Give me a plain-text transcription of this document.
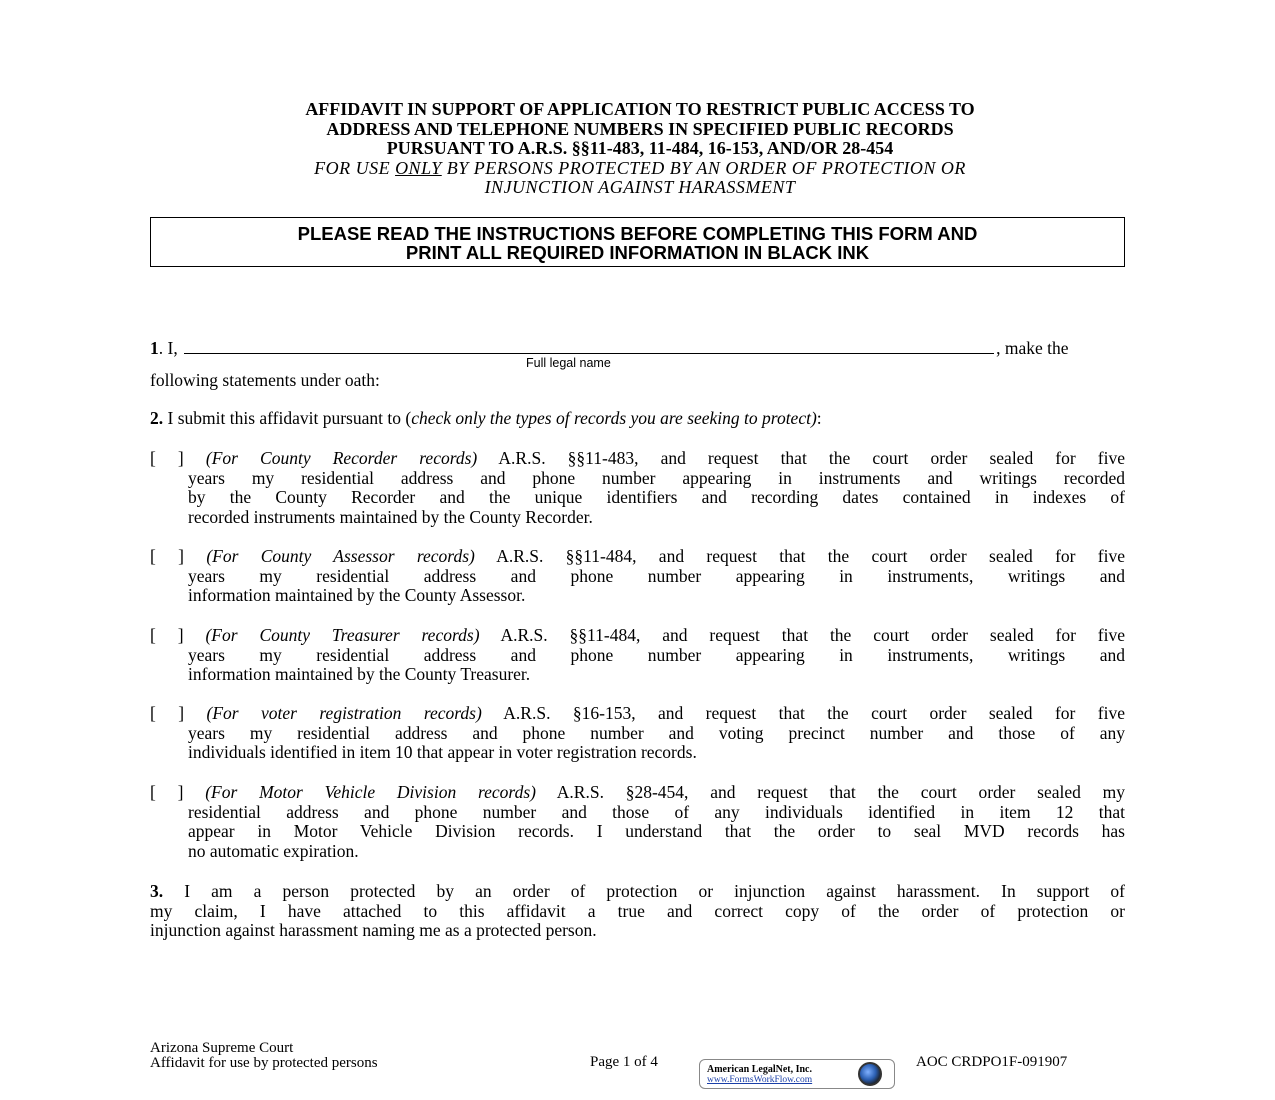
AFFIDAVIT IN SUPPORT OF APPLICATION TO RESTRICT PUBLIC ACCESS TO
ADDRESS AND TELEPHONE NUMBERS IN SPECIFIED PUBLIC RECORDS
PURSUANT TO A.R.S. §§11-483, 11-484, 16-153, AND/OR 28-454
FOR USE ONLY BY PERSONS PROTECTED BY AN ORDER OF PROTECTION OR
INJUNCTION AGAINST HARASSMENT
PLEASE READ THE INSTRUCTIONS BEFORE COMPLETING THIS FORM AND
PRINT ALL REQUIRED INFORMATION IN BLACK INK
1. I,	, make the
Full legal name
following statements under oath:
2. I submit this affidavit pursuant to (check only the types of records you are seeking to protect):
[ ] (For County Recorder records) A.R.S. §§11-483, and request that the court order sealed for five
years my residential address and phone number appearing in instruments and writings recorded
by the County Recorder and the unique identifiers and recording dates contained in indexes of
recorded instruments maintained by the County Recorder.
[ ] (For County Assessor records) A.R.S. §§11-484, and request that the court order sealed for five
years my residential address and phone number appearing in instruments, writings and
information maintained by the County Assessor.
[ ] (For County Treasurer records) A.R.S. §§11-484, and request that the court order sealed for five
years my residential address and phone number appearing in instruments, writings and
information maintained by the County Treasurer.
[ ] (For voter registration records) A.R.S. §16-153, and request that the court order sealed for five
years my residential address and phone number and voting precinct number and those of any
individuals identified in item 10 that appear in voter registration records.
[ ] (For Motor Vehicle Division records) A.R.S. §28-454, and request that the court order sealed my
residential address and phone number and those of any individuals identified in item 12 that
appear in Motor Vehicle Division records. I understand that the order to seal MVD records has
no automatic expiration.
3. I am a person protected by an order of protection or injunction against harassment. In support of
my claim, I have attached to this affidavit a true and correct copy of the order of protection or
injunction against harassment naming me as a protected person.
Arizona Supreme Court
Affidavit for use by protected persons	Page 1 of 4	American LegalNet, Inc.
www.FormsWorkFlow.com
AOC CRDPO1F-091907
